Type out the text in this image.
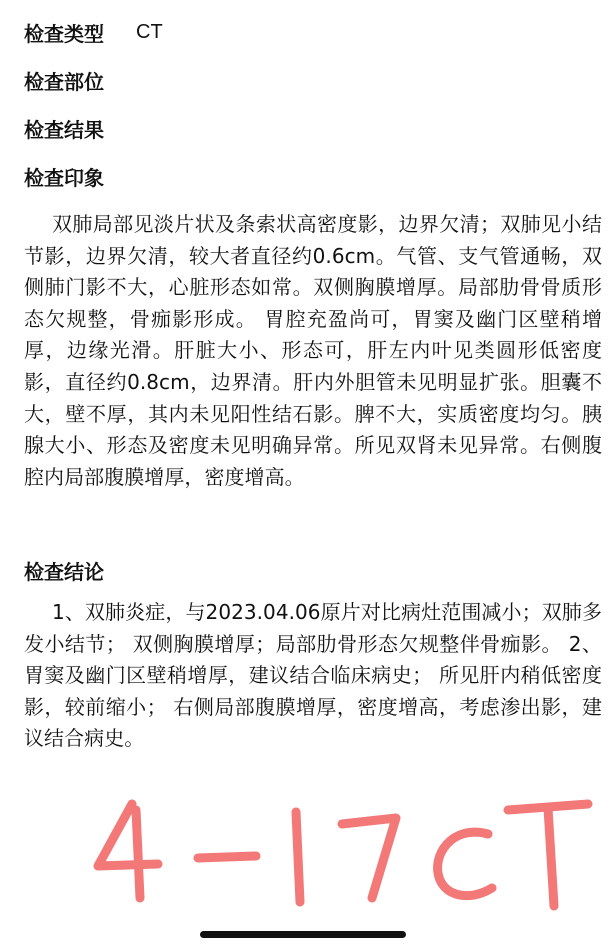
检查类型 CT
检查部位
检查结果
检查印象

双肺局部见淡片状及条索状高密度影，边界欠清；双肺见小结节影，边界欠清，较大者直径约0.6cm。气管、支气管通畅，双侧肺门影不大，心脏形态如常。双侧胸膜增厚。局部肋骨骨质形态欠规整，骨痂影形成。 胃腔充盈尚可，胃窦及幽门区壁稍增厚，边缘光滑。肝脏大小、形态可，肝左内叶见类圆形低密度影，直径约0.8cm，边界清。肝内外胆管未见明显扩张。胆囊不大，壁不厚，其内未见阳性结石影。脾不大，实质密度均匀。胰腺大小、形态及密度未见明确异常。所见双肾未见异常。右侧腹腔内局部腹膜增厚，密度增高。

检查结论

1、双肺炎症，与2023.04.06原片对比病灶范围减小；双肺多发小结节； 双侧胸膜增厚；局部肋骨形态欠规整伴骨痂影。 2、胃窦及幽门区壁稍增厚，建议结合临床病史； 所见肝内稍低密度影，较前缩小； 右侧局部腹膜增厚，密度增高，考虑渗出影，建议结合病史。
